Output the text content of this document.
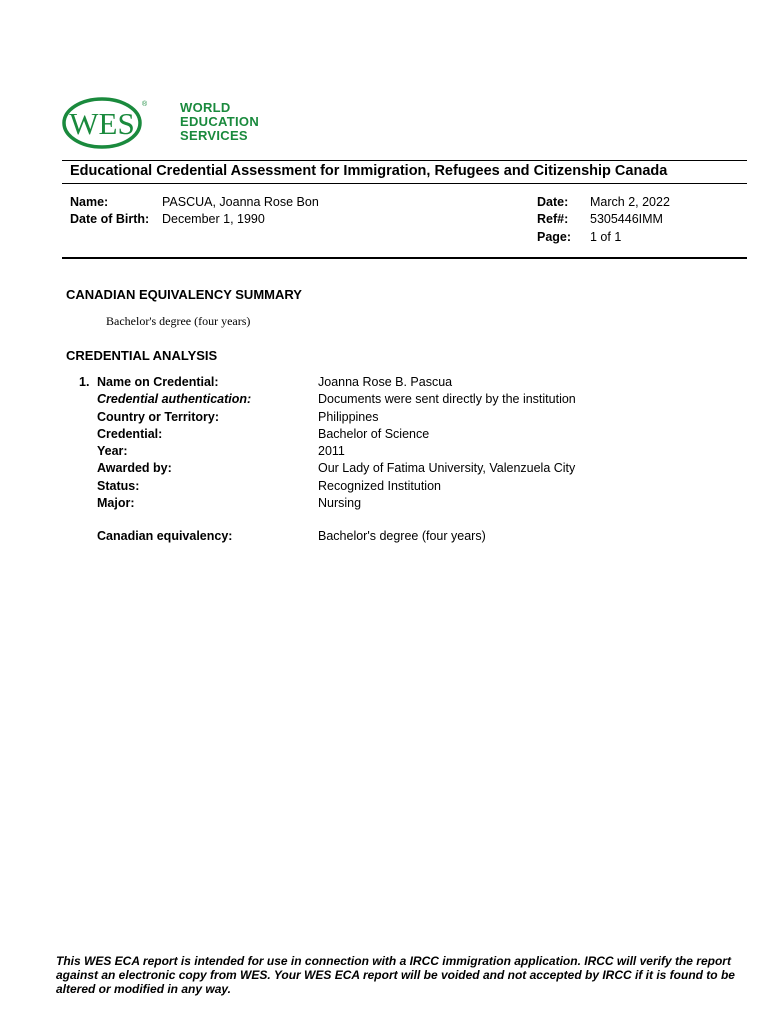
WES
®	WORLD
EDUCATION
SERVICES
Educational Credential Assessment for Immigration, Refugees and Citizenship Canada
Name:	PASCUA, Joanna Rose Bon
Date of Birth: December 1, 1990
Date: March 2, 2022
Ref#: 5305446IMM
Page: 1 of 1
CANADIAN EQUIVALENCY SUMMARY
Bachelor's degree (four years)
CREDENTIAL ANALYSIS
1. Name on Credential:	Joanna Rose B. Pascua
Credential authentication:	Documents were sent directly by the institution
Country or Territory:	Philippines
Credential:	Bachelor of Science
Year:	2011
Awarded by:	Our Lady of Fatima University, Valenzuela City
Status:	Recognized Institution
Major:	Nursing
Canadian equivalency:	Bachelor's degree (four years)
This WES ECA report is intended for use in connection with a IRCC immigration application. IRCC will verify the report against an electronic copy from WES. Your WES ECA report will be voided and not accepted by IRCC if it is found to be altered or modified in any way.
